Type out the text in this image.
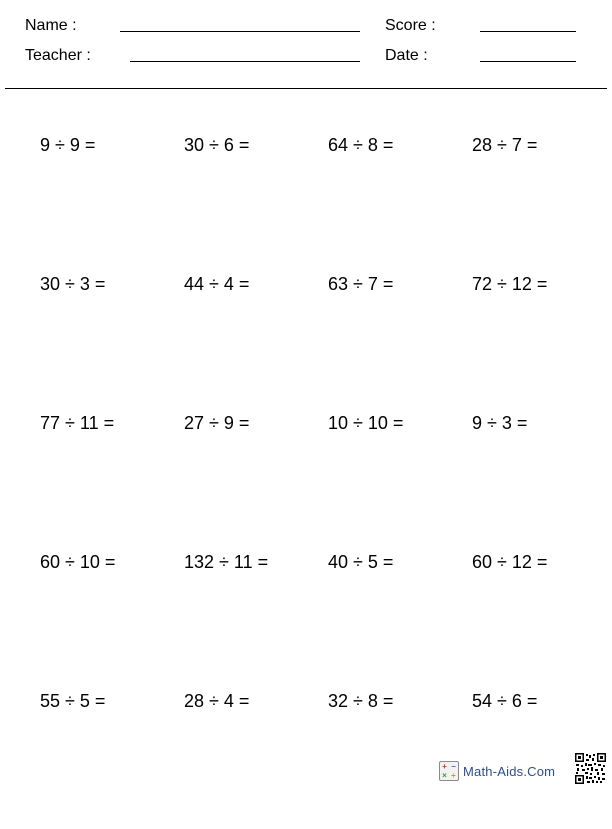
Name :	Score :
Teacher :	Date :
9 ÷ 9 =	30 ÷ 6 =	64 ÷ 8 =	28 ÷ 7 =
30 ÷ 3 =	44 ÷ 4 =	63 ÷ 7 =	72 ÷ 12 =
77 ÷ 11 =	27 ÷ 9 =	10 ÷ 10 =	9 ÷ 3 =
60 ÷ 10 =	132 ÷ 11 =	40 ÷ 5 =	60 ÷ 12 =
55 ÷ 5 =	28 ÷ 4 =	32 ÷ 8 =	54 ÷ 6 =
+ −
× ÷ Math-Aids.Com
